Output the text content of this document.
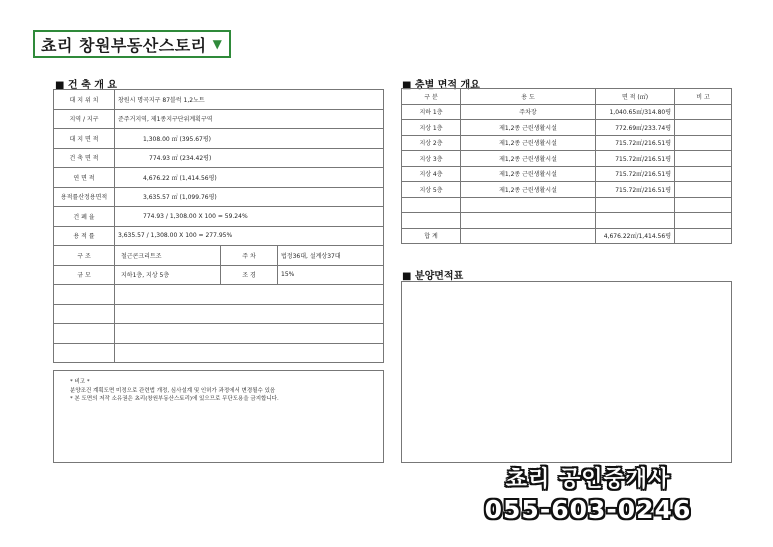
쵸리 창원부동산스토리 ▼
■ 건 축 개 요
대 지 위 치	창원시 명곡지구 87블럭 1,2노트		
지역 / 지구	준주거지역, 제1종지구단위계획구역		
대 지 면 적	1,308.00 ㎡ (395.67평)		
건 축 면 적	774.93 ㎡ (234.42평)		
연 면 적	4,676.22 ㎡ (1,414.56평)		
용적률산정용면적	3,635.57 ㎡ (1,099.76평)		
건 폐 율	774.93 / 1,308.00 X 100 = 59.24%		
용 적 률	3,635.57 / 1,308.00 X 100 = 277.95%		
구 조	철근콘크리트조	주 차	법정36대, 설계상37대
규 모	지하1층, 지상 5층	조 경	15%

* 비고 *
분양조건 계획도면 미정으로 관련법 개정, 심사설계 및 인허가 과정에서 변경될수 있음
* 본 도면의 저작 소유권은 쵸리(창원부동산스토리)에 있으므로 무단도용을 금지합니다.
■ 층별 면적 개요
구 분	용 도	면 적 (㎡)	비 고
지하 1층	주차장	1,040.65㎡/314.80평	
지상 1층	제1,2종 근린생활시설	772.69㎡/233.74평	
지상 2층	제1,2종 근린생활시설	715.72㎡/216.51평	
지상 3층	제1,2종 근린생활시설	715.72㎡/216.51평	
지상 4층	제1,2종 근린생활시설	715.72㎡/216.51평	
지상 5층	제1,2종 근린생활시설	715.72㎡/216.51평	

합 계		4,676.22㎡/1,414.56평	
■ 분양면적표
쵸리 공인중개사
055-603-0246
